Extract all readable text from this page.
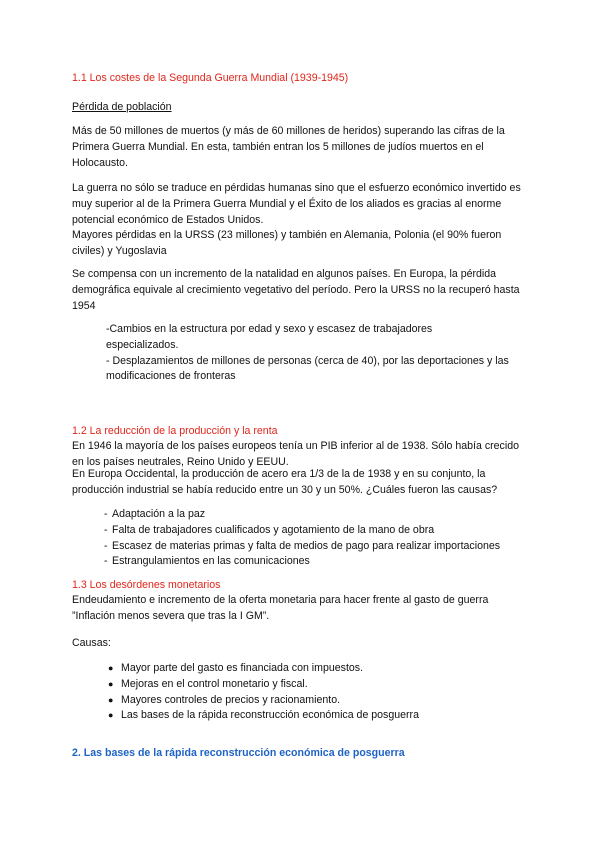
1.1 Los costes de la Segunda Guerra Mundial (1939-1945)
Pérdida de población
Más de 50 millones de muertos (y más de 60 millones de heridos) superando las cifras de la Primera Guerra Mundial. En esta, también entran los 5 millones de judíos muertos en el Holocausto.
La guerra no sólo se traduce en pérdidas humanas sino que el esfuerzo económico invertido es muy superior al de la Primera Guerra Mundial y el Éxito de los aliados es gracias al enorme potencial económico de Estados Unidos.
Mayores pérdidas en la URSS (23 millones) y también en Alemania, Polonia (el 90% fueron civiles) y Yugoslavia
Se compensa con un incremento de la natalidad en algunos países. En Europa, la pérdida demográfica equivale al crecimiento vegetativo del período. Pero la URSS no la recuperó hasta 1954
-Cambios en la estructura por edad y sexo y escasez de trabajadores especializados.
- Desplazamientos de millones de personas (cerca de 40), por las deportaciones y las
modificaciones de fronteras
1.2 La reducción de la producción y la renta
En 1946 la mayoría de los países europeos tenía un PIB inferior al de 1938. Sólo había crecido en los países neutrales, Reino Unido y EEUU.
En Europa Occidental, la producción de acero era 1/3 de la de 1938 y en su conjunto, la producción industrial se había reducido entre un 30 y un 50%. ¿Cuáles fueron las causas?
- Adaptación a la paz
- Falta de trabajadores cualificados y agotamiento de la mano de obra
- Escasez de materias primas y falta de medios de pago para realizar importaciones
- Estrangulamientos en las comunicaciones
1.3 Los desórdenes monetarios
Endeudamiento e incremento de la oferta monetaria para hacer frente al gasto de guerra
”Inflación menos severa que tras la I GM”.
Causas:
● Mayor parte del gasto es financiada con impuestos.
● Mejoras en el control monetario y fiscal.
● Mayores controles de precios y racionamiento.
● Las bases de la rápida reconstrucción económica de posguerra
2. Las bases de la rápida reconstrucción económica de posguerra
